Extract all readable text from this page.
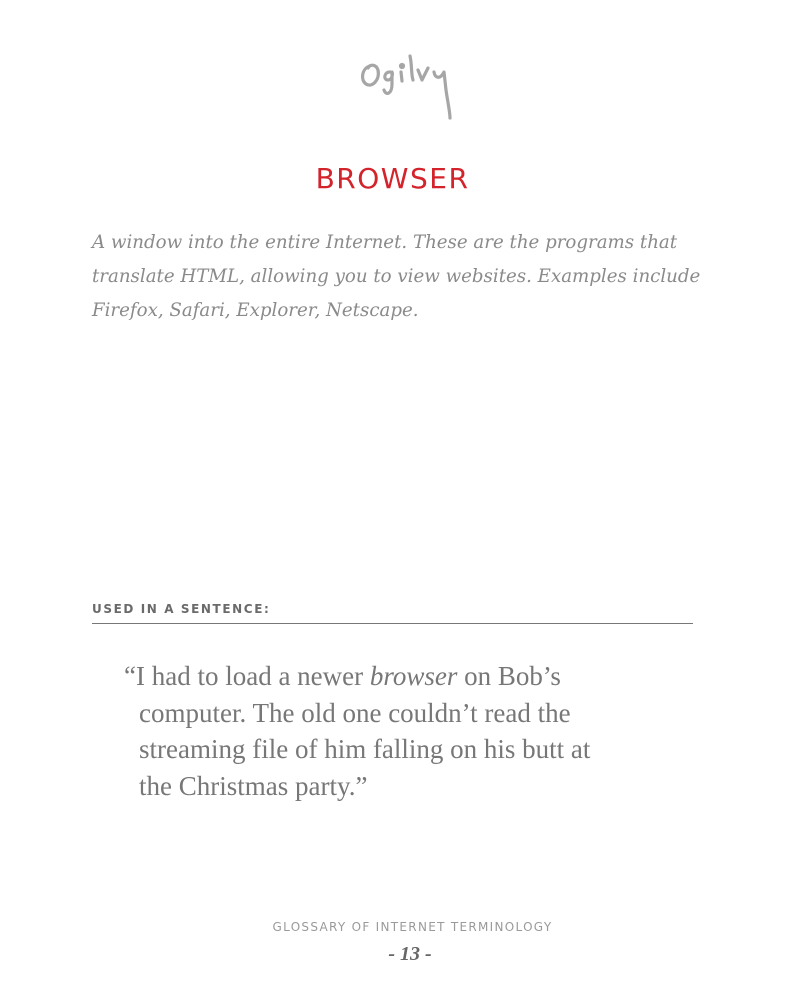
BROWSER

A window into the entire Internet. These are the programs that translate HTML, allowing you to view websites. Examples include Firefox, Safari, Explorer, Netscape.

USED IN A SENTENCE:
“I had to load a newer browser on Bob’s
computer. The old one couldn’t read the
streaming file of him falling on his butt at
the Christmas party.”
GLOSSARY OF INTERNET TERMINOLOGY
- 13 -
